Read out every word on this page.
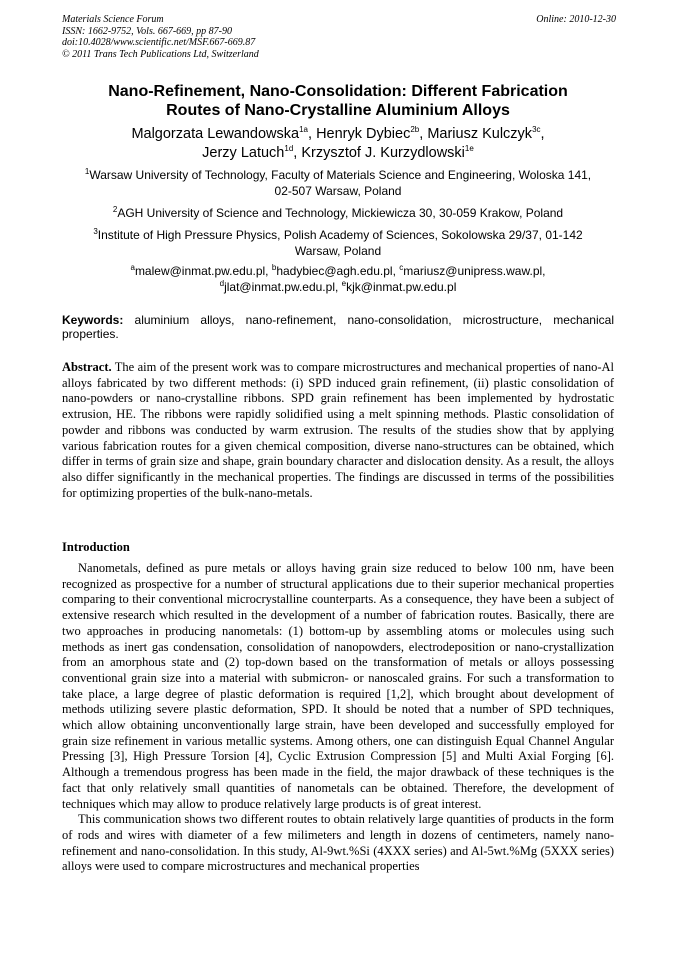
Materials Science Forum
ISSN: 1662-9752, Vols. 667-669, pp 87-90
doi:10.4028/www.scientific.net/MSF.667-669.87
© 2011 Trans Tech Publications Ltd, Switzerland
Online: 2010-12-30
Nano-Refinement, Nano-Consolidation: Different Fabrication
Routes of Nano-Crystalline Aluminium Alloys
Malgorzata Lewandowska$^{1a}$, Henryk Dybiec$^{2b}$, Mariusz Kulczyk$^{3c}$,
Jerzy Latuch$^{1d}$, Krzysztof J. Kurzydlowski$^{1e}$
$^1$Warsaw University of Technology, Faculty of Materials Science and Engineering, Woloska 141,
02-507 Warsaw, Poland
$^2$AGH University of Science and Technology, Mickiewicza 30, 30-059 Krakow, Poland
$^3$Institute of High Pressure Physics, Polish Academy of Sciences, Sokolowska 29/37, 01-142
Warsaw, Poland
$^a$malew@inmat.pw.edu.pl, $^b$hadybiec@agh.edu.pl, $^c$mariusz@unipress.waw.pl,
$^d$jlat@inmat.pw.edu.pl, $^e$kjk@inmat.pw.edu.pl
Keywords: aluminium alloys, nano-refinement, nano-consolidation, microstructure, mechanical properties.
Abstract. The aim of the present work was to compare microstructures and mechanical properties of nano-Al alloys fabricated by two different methods: (i) SPD induced grain refinement, (ii) plastic consolidation of nano-powders or nano-crystalline ribbons. SPD grain refinement has been implemented by hydrostatic extrusion, HE. The ribbons were rapidly solidified using a melt spinning methods. Plastic consolidation of powder and ribbons was conducted by warm extrusion. The results of the studies show that by applying various fabrication routes for a given chemical composition, diverse nano-structures can be obtained, which differ in terms of grain size and shape, grain boundary character and dislocation density. As a result, the alloys also differ significantly in the mechanical properties. The findings are discussed in terms of the possibilities for optimizing properties of the bulk-nano-metals.
Introduction

Nanometals, defined as pure metals or alloys having grain size reduced to below 100 nm, have been recognized as prospective for a number of structural applications due to their superior mechanical properties comparing to their conventional microcrystalline counterparts. As a consequence, they have been a subject of extensive research which resulted in the development of a number of fabrication routes. Basically, there are two approaches in producing nanometals: (1) bottom-up by assembling atoms or molecules using such methods as inert gas condensation, consolidation of nanopowders, electrodeposition or nano-crystallization from an amorphous state and (2) top-down based on the transformation of metals or alloys possessing conventional grain size into a material with submicron- or nanoscaled grains. For such a transformation to take place, a large degree of plastic deformation is required [1,2], which brought about development of methods utilizing severe plastic deformation, SPD. It should be noted that a number of SPD techniques, which allow obtaining unconventionally large strain, have been developed and successfully employed for grain size refinement in various metallic systems. Among others, one can distinguish Equal Channel Angular Pressing [3], High Pressure Torsion [4], Cyclic Extrusion Compression [5] and Multi Axial Forging [6]. Although a tremendous progress has been made in the field, the major drawback of these techniques is the fact that only relatively small quantities of nanometals can be obtained. Therefore, the development of techniques which may allow to produce relatively large products is of great interest.

This communication shows two different routes to obtain relatively large quantities of products in the form of rods and wires with diameter of a few milimeters and length in dozens of centimeters, namely nano-refinement and nano-consolidation. In this study, Al-9wt.%Si (4XXX series) and Al-5wt.%Mg (5XXX series) alloys were used to compare microstructures and mechanical properties
